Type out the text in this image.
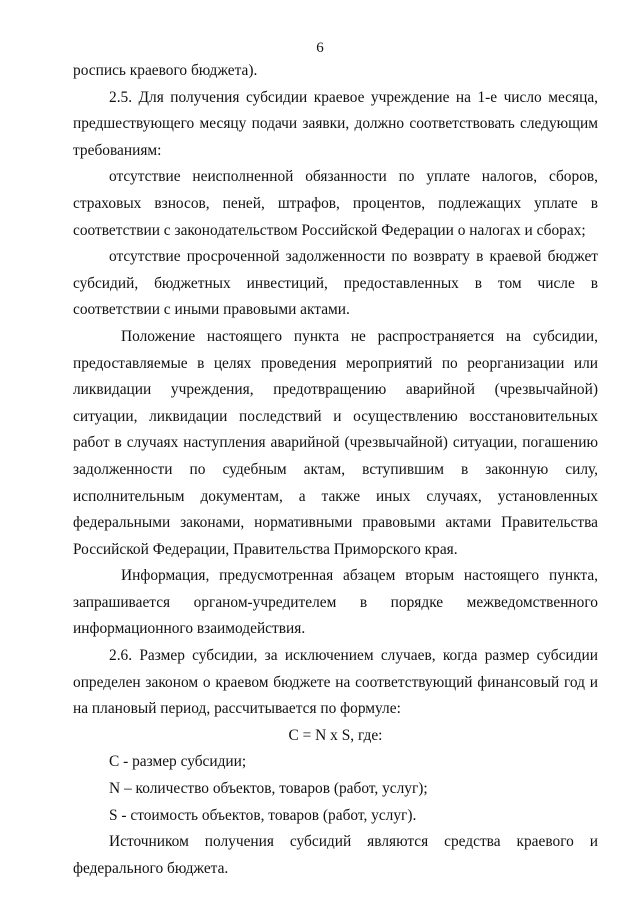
6

роспись краевого бюджета).

2.5. Для получения субсидии краевое учреждение на 1-е число месяца, предшествующего месяцу подачи заявки, должно соответствовать следующим требованиям:

отсутствие неисполненной обязанности по уплате налогов, сборов, страховых взносов, пеней, штрафов, процентов, подлежащих уплате в соответствии с законодательством Российской Федерации о налогах и сборах;

отсутствие просроченной задолженности по возврату в краевой бюджет субсидий, бюджетных инвестиций, предоставленных в том числе в соответствии с иными правовыми актами.

Положение настоящего пункта не распространяется на субсидии, предоставляемые в целях проведения мероприятий по реорганизации или ликвидации учреждения, предотвращению аварийной (чрезвычайной) ситуации, ликвидации последствий и осуществлению восстановительных работ в случаях наступления аварийной (чрезвычайной) ситуации, погашению задолженности по судебным актам, вступившим в законную силу, исполнительным документам, а также иных случаях, установленных федеральными законами, нормативными правовыми актами Правительства Российской Федерации, Правительства Приморского края.

Информация, предусмотренная абзацем вторым настоящего пункта, запрашивается органом-учредителем в порядке межведомственного информационного взаимодействия.

2.6. Размер субсидии, за исключением случаев, когда размер субсидии определен законом о краевом бюджете на соответствующий финансовый год и на плановый период, рассчитывается по формуле:

С = N х S, где:

С - размер субсидии;

N – количество объектов, товаров (работ, услуг);

S - стоимость объектов, товаров (работ, услуг).

Источником получения субсидий являются средства краевого и федерального бюджета.
